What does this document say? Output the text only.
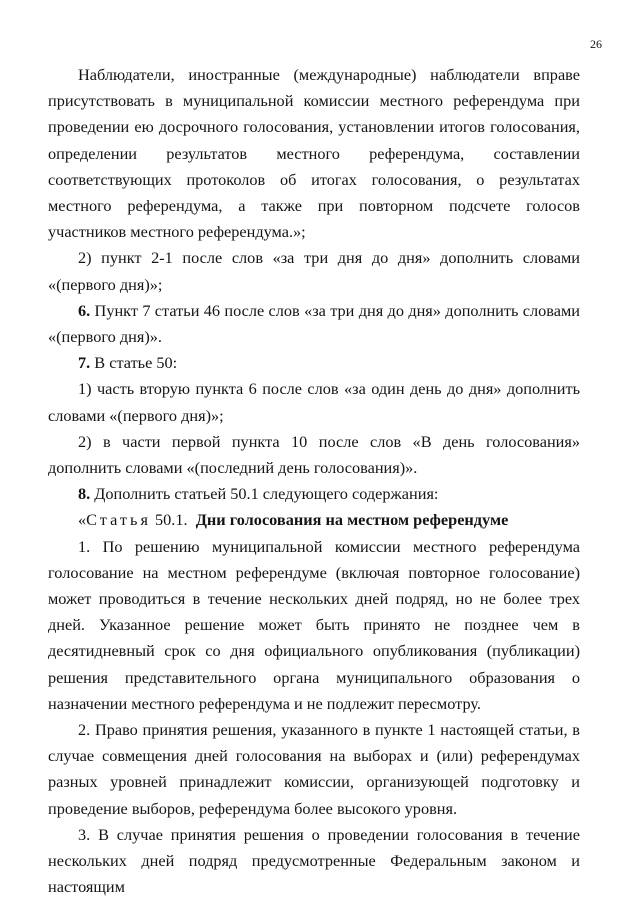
26

Наблюдатели, иностранные (международные) наблюдатели вправе присутствовать в муниципальной комиссии местного референдума при проведении ею досрочного голосования, установлении итогов голосования, определении результатов местного референдума, составлении соответствующих протоколов об итогах голосования, о результатах местного референдума, а также при повторном подсчете голосов участников местного референдума.»;

2) пункт 2-1 после слов «за три дня до дня» дополнить словами «(первого дня)»;

6. Пункт 7 статьи 46 после слов «за три дня до дня» дополнить словами «(первого дня)».

7. В статье 50:

1) часть вторую пункта 6 после слов «за один день до дня» дополнить словами «(первого дня)»;

2) в части первой пункта 10 после слов «В день голосования» дополнить словами «(последний день голосования)».

8. Дополнить статьей 50.1 следующего содержания:

«Статья 50.1. Дни голосования на местном референдуме

1. По решению муниципальной комиссии местного референдума голосование на местном референдуме (включая повторное голосование) может проводиться в течение нескольких дней подряд, но не более трех дней. Указанное решение может быть принято не позднее чем в десятидневный срок со дня официального опубликования (публикации) решения представительного органа муниципального образования о назначении местного референдума и не подлежит пересмотру.

2. Право принятия решения, указанного в пункте 1 настоящей статьи, в случае совмещения дней голосования на выборах и (или) референдумах разных уровней принадлежит комиссии, организующей подготовку и проведение выборов, референдума более высокого уровня.

3. В случае принятия решения о проведении голосования в течение нескольких дней подряд предусмотренные Федеральным законом и настоящим
